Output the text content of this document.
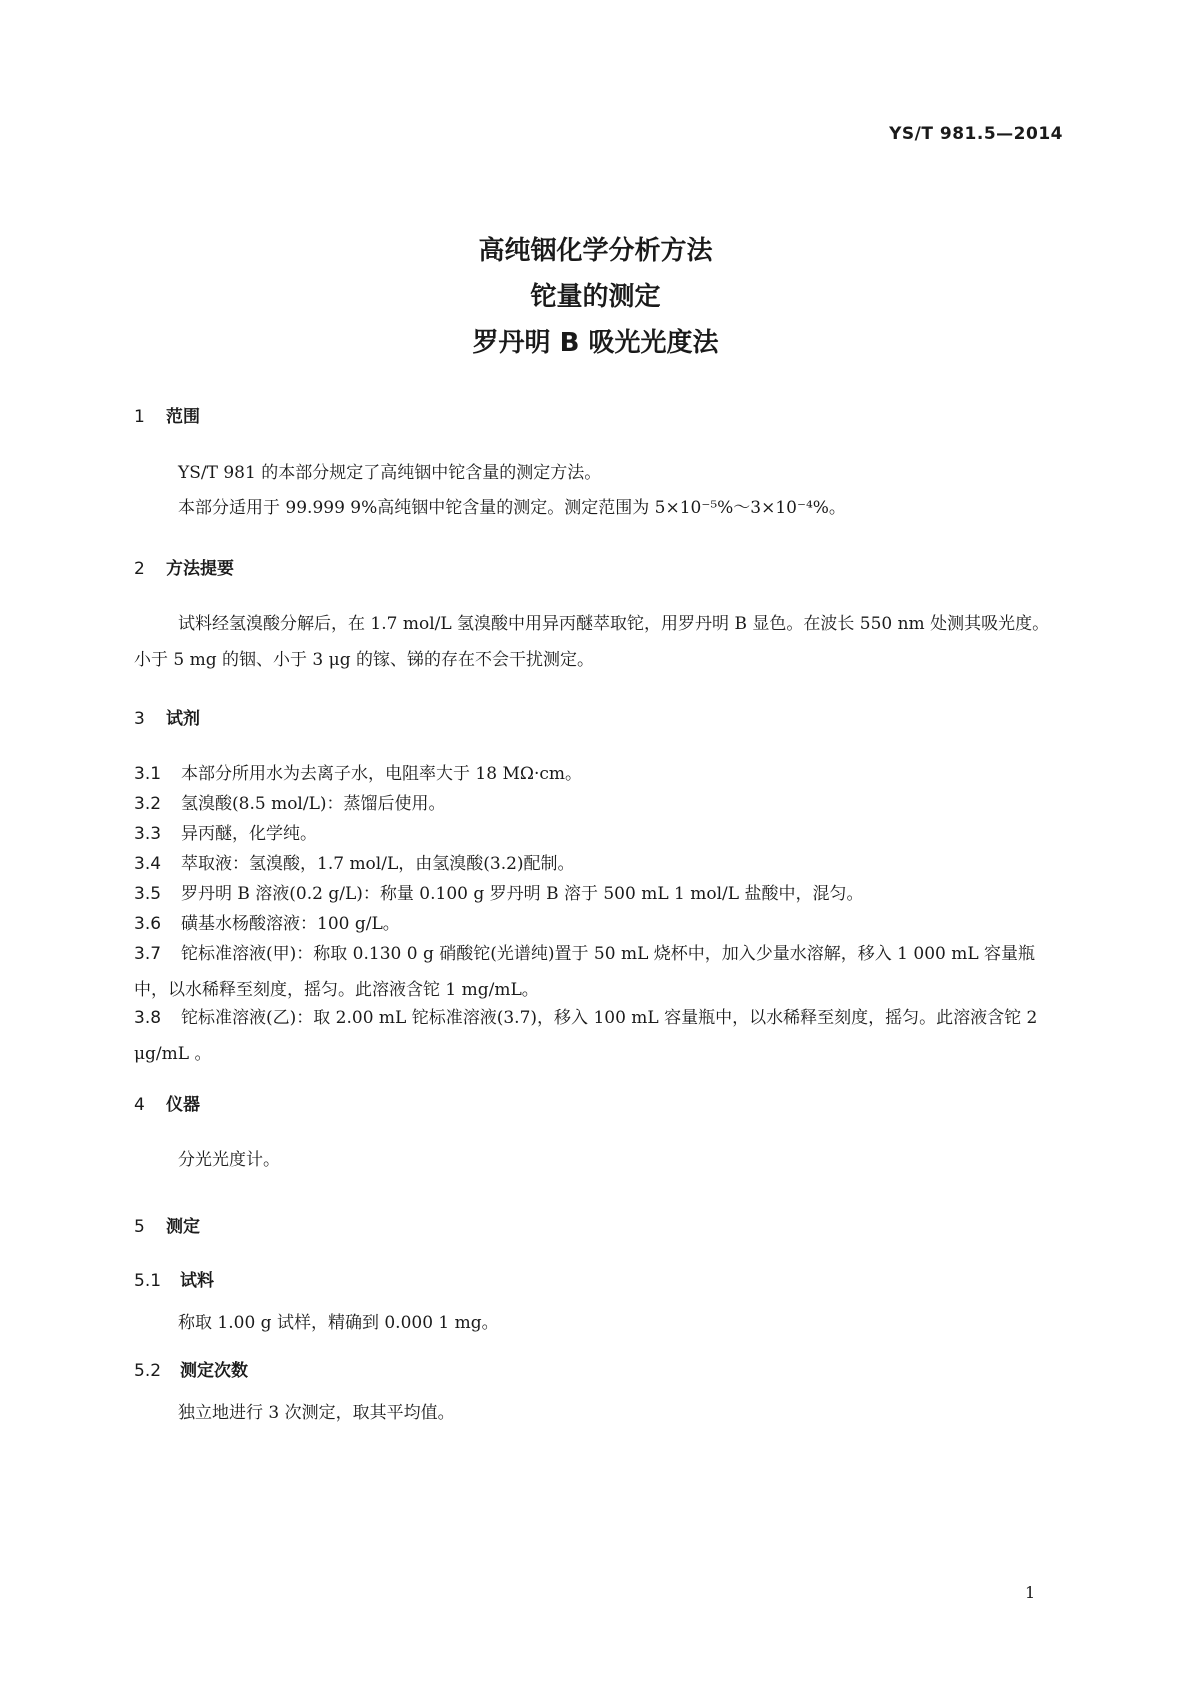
YS/T 981.5—2014
高纯铟化学分析方法
铊量的测定
罗丹明 B 吸光光度法
1 范围
YS/T 981 的本部分规定了高纯铟中铊含量的测定方法。
本部分适用于 99.999 9%高纯铟中铊含量的测定。测定范围为 5×10⁻⁵%～3×10⁻⁴%。
2 方法提要
试料经氢溴酸分解后，在 1.7 mol/L 氢溴酸中用异丙醚萃取铊，用罗丹明 B 显色。在波长 550 nm 处测其吸光度。小于 5 mg 的铟、小于 3 μg 的镓、锑的存在不会干扰测定。
3 试剂
3.1 本部分所用水为去离子水，电阻率大于 18 MΩ·cm。
3.2 氢溴酸(8.5 mol/L)：蒸馏后使用。
3.3 异丙醚，化学纯。
3.4 萃取液：氢溴酸，1.7 mol/L，由氢溴酸(3.2)配制。
3.5 罗丹明 B 溶液(0.2 g/L)：称量 0.100 g 罗丹明 B 溶于 500 mL 1 mol/L 盐酸中，混匀。
3.6 磺基水杨酸溶液：100 g/L。
3.7 铊标准溶液(甲)：称取 0.130 0 g 硝酸铊(光谱纯)置于 50 mL 烧杯中，加入少量水溶解，移入 1 000 mL 容量瓶中，以水稀释至刻度，摇匀。此溶液含铊 1 mg/mL。
3.8 铊标准溶液(乙)：取 2.00 mL 铊标准溶液(3.7)，移入 100 mL 容量瓶中，以水稀释至刻度，摇匀。此溶液含铊 2 μg/mL 。
4 仪器
分光光度计。
5 测定
5.1 试料
称取 1.00 g 试样，精确到 0.000 1 mg。
5.2 测定次数
独立地进行 3 次测定，取其平均值。
1
